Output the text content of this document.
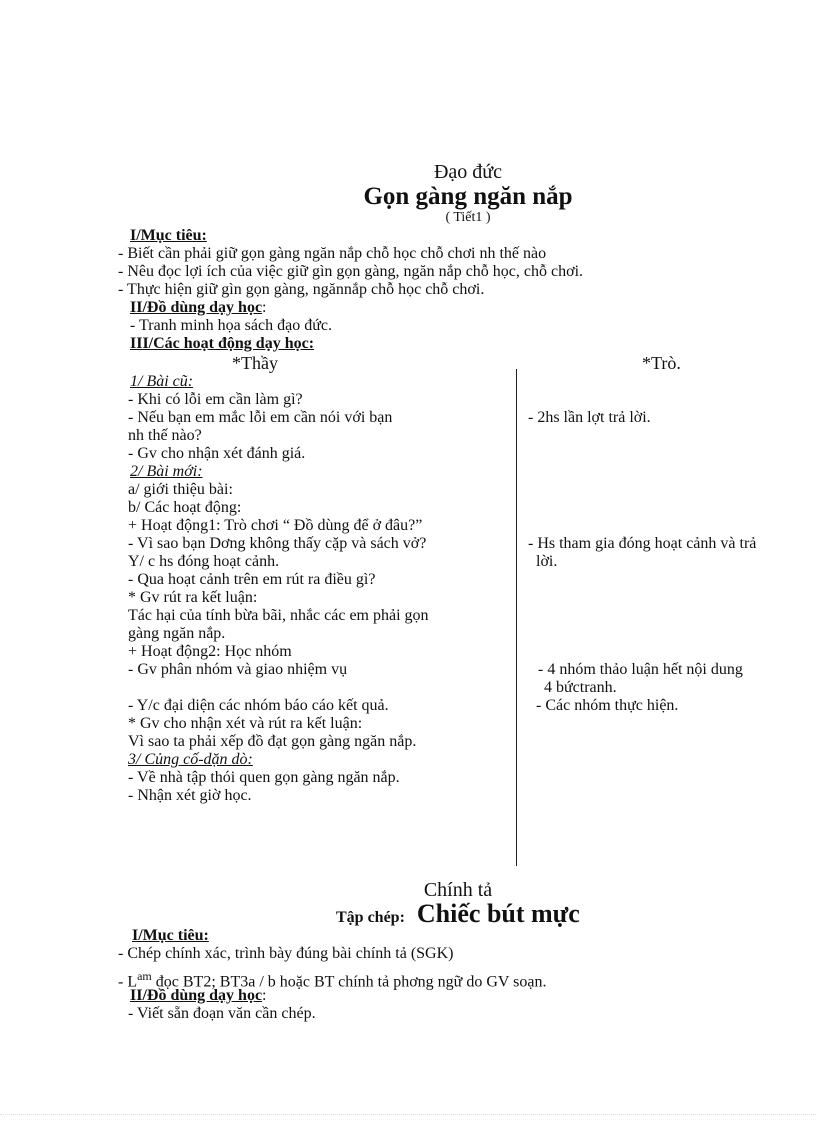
Đạo đức
Gọn gàng ngăn nắp
( Tiết1 )
I/Mục tiêu:
- Biết cần phải giữ gọn gàng ngăn nắp chỗ học chỗ chơi nh thế nào
- Nêu đọc lợi ích của việc giữ gìn gọn gàng, ngăn nắp chỗ học, chỗ chơi.
- Thực hiện giữ gìn gọn gàng, ngănnắp chỗ học chỗ chơi.
II/Đồ dùng dạy học:
- Tranh minh họa sách đạo đức.
III/Các hoạt động dạy học:
*Thầy	*Trò.
1/ Bài cũ:
- Khi có lỗi em cần làm gì?
- Nếu bạn em mắc lỗi em cần nói với bạn
nh thế nào?
- Gv cho nhận xét đánh giá.
2/ Bài mới:
a/ giới thiệu bài:
b/ Các hoạt động:
+ Hoạt động1: Trò chơi “ Đồ dùng để ở đâu?”
- Vì sao bạn Dơng không thấy cặp và sách vở?
Y/ c hs đóng hoạt cảnh.
- Qua hoạt cảnh trên em rút ra điều gì?
* Gv rút ra kết luận:
Tác hại của tính bừa bãi, nhắc các em phải gọn
gàng ngăn nắp.
+ Hoạt động2: Học nhóm
- Gv phân nhóm và giao nhiệm vụ
- Y/c đại diện các nhóm báo cáo kết quả.
* Gv cho nhận xét và rút ra kết luận:
Vì sao ta phải xếp đồ đạt gọn gàng ngăn nắp.
3/ Củng cố-dặn dò:
- Về nhà tập thói quen gọn gàng ngăn nắp.
- Nhận xét giờ học.
- 2hs lần lợt trả lời.
- Hs tham gia đóng hoạt cảnh và trả
lời.
- 4 nhóm thảo luận hết nội dung
4 bứctranh.
- Các nhóm thực hiện.
Chính tả
Tập chép: Chiếc bút mực
I/Mục tiêu:
- Chép chính xác, trình bày đúng bài chính tả (SGK)
- $L^{am}$ đọc BT2; BT3a / b hoặc BT chính tả phơng ngữ do GV soạn.
II/Đồ dùng dạy học:
- Viết sẵn đoạn văn cần chép.
